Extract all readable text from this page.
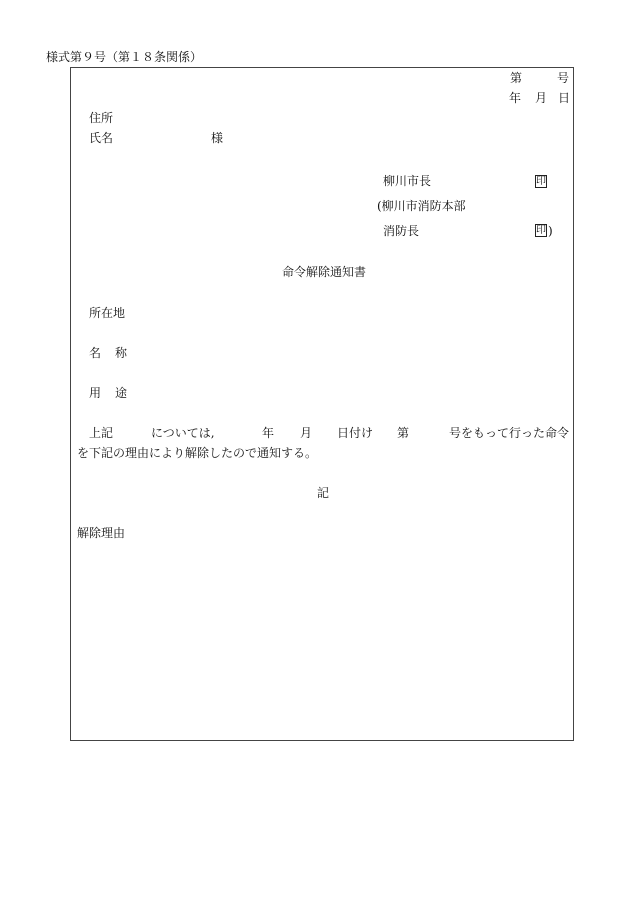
様式第９号（第１８条関係）
第	号
年 月 日
住所
氏名	様
柳川市長	印
(柳川市消防本部
消防長	印 )
命令解除通知書
所在地
名 称
用 途
上記	については,	年 月 日付け 第	号をもって行った命令
を下記の理由により解除したので通知する。
記
解除理由
